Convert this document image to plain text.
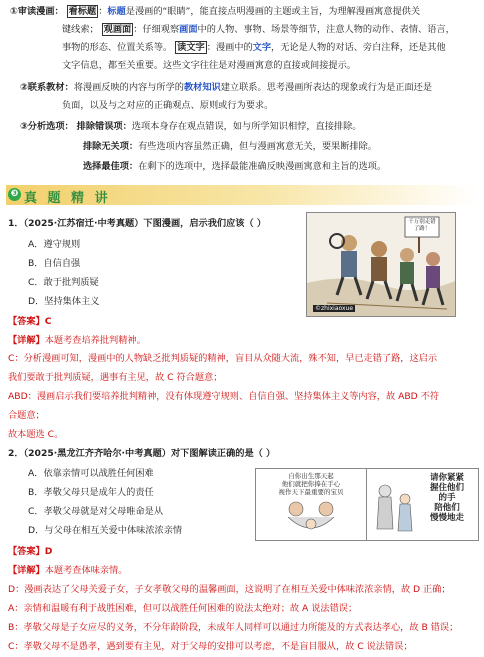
①审读漫画： 看标题 ：标题是漫画的“眼睛”，能直接点明漫画的主题或主旨，为理解漫画寓意提供关
键线索； 观画面 ：仔细观察画面中的人物、事物、场景等细节，注意人物的动作、表情、语言，
事物的形态、位置关系等。 读文字 ：漫画中的文字，无论是人物的对话、旁白注释，还是其他
文字信息，都至关重要。这些文字往往是对漫画寓意的直接或间接提示。
②联系教材：将漫画反映的内容与所学的教材知识建立联系。思考漫画所表达的现象或行为是正面还是
负面，以及与之对应的正确观点、原则或行为要求。
③分析选项： 排除错误项：选项本身存在观点错误，如与所学知识相悖，直接排除。
排除无关项：有些选项内容虽然正确，但与漫画寓意无关，要果断排除。
选择最佳项：在剩下的选项中，选择最能准确反映漫画寓意和主旨的选项。
❸ 真 题 精 讲
1．（2025·江苏宿迁·中考真题）下图漫画，启示我们应该（ ）
A．遵守规则
B．自信自强
C．敢于批判质疑
D．坚持集体主义
千万别走错了路！
©zhixiaoxue
【答案】C
【详解】本题考查培养批判精神。
C：分析漫画可知，漫画中的人物缺乏批判质疑的精神，盲目从众随大流，殊不知，早已走错了路，这启示
我们要敢于批判质疑，遇事有主见，故 C 符合题意；
ABD：漫画启示我们要培养批判精神，没有体现遵守规则、自信自强、坚持集体主义等内容，故 ABD 不符
合题意；
故本题选 C。
2．（2025·黑龙江齐齐哈尔·中考真题）对下图解读正确的是（ ）
A．依靠亲情可以战胜任何困难
B．孝敬父母只是成年人的责任
C．孝敬父母就是对父母唯命是从
D．与父母在相互关爱中体味浓浓亲情
自你出生那天起
他们就把你捧在手心
视作天下最重要的宝贝
请你紧紧
握住他们
的手
陪他们
慢慢地走
【答案】D
【详解】本题考查体味亲情。
D：漫画表达了父母关爱子女，子女孝敬父母的温馨画面，这说明了在相互关爱中体味浓浓亲情，故 D 正确；
A：亲情和温暖有利于战胜困难，但可以战胜任何困难的说法太绝对；故 A 说法错误；
B：孝敬父母是子女应尽的义务，不分年龄阶段，未成年人同样可以通过力所能及的方式表达孝心，故 B 错误；
C：孝敬父母不是愚孝，遇到要有主见，对于父母的安排可以考虑，不是盲目服从，故 C 说法错误；
